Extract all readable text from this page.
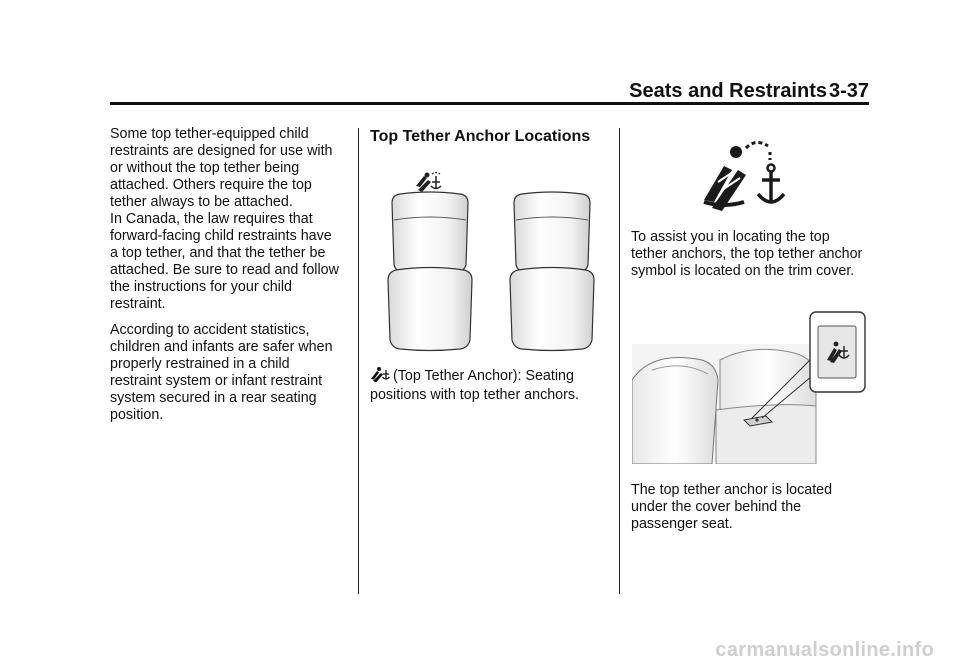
Seats and Restraints 3-37

Some top tether-equipped child
restraints are designed for use with
or without the top tether being
attached. Others require the top
tether always to be attached.
In Canada, the law requires that
forward-facing child restraints have
a top tether, and that the tether be
attached. Be sure to read and follow
the instructions for your child
restraint.

According to accident statistics,
children and infants are safer when
properly restrained in a child
restraint system or infant restraint
system secured in a rear seating
position.

Top Tether Anchor Locations

(Top Tether Anchor): Seating
positions with top tether anchors.

To assist you in locating the top
tether anchors, the top tether anchor
symbol is located on the trim cover.

The top tether anchor is located
under the cover behind the
passenger seat.

carmanualsonline.info
